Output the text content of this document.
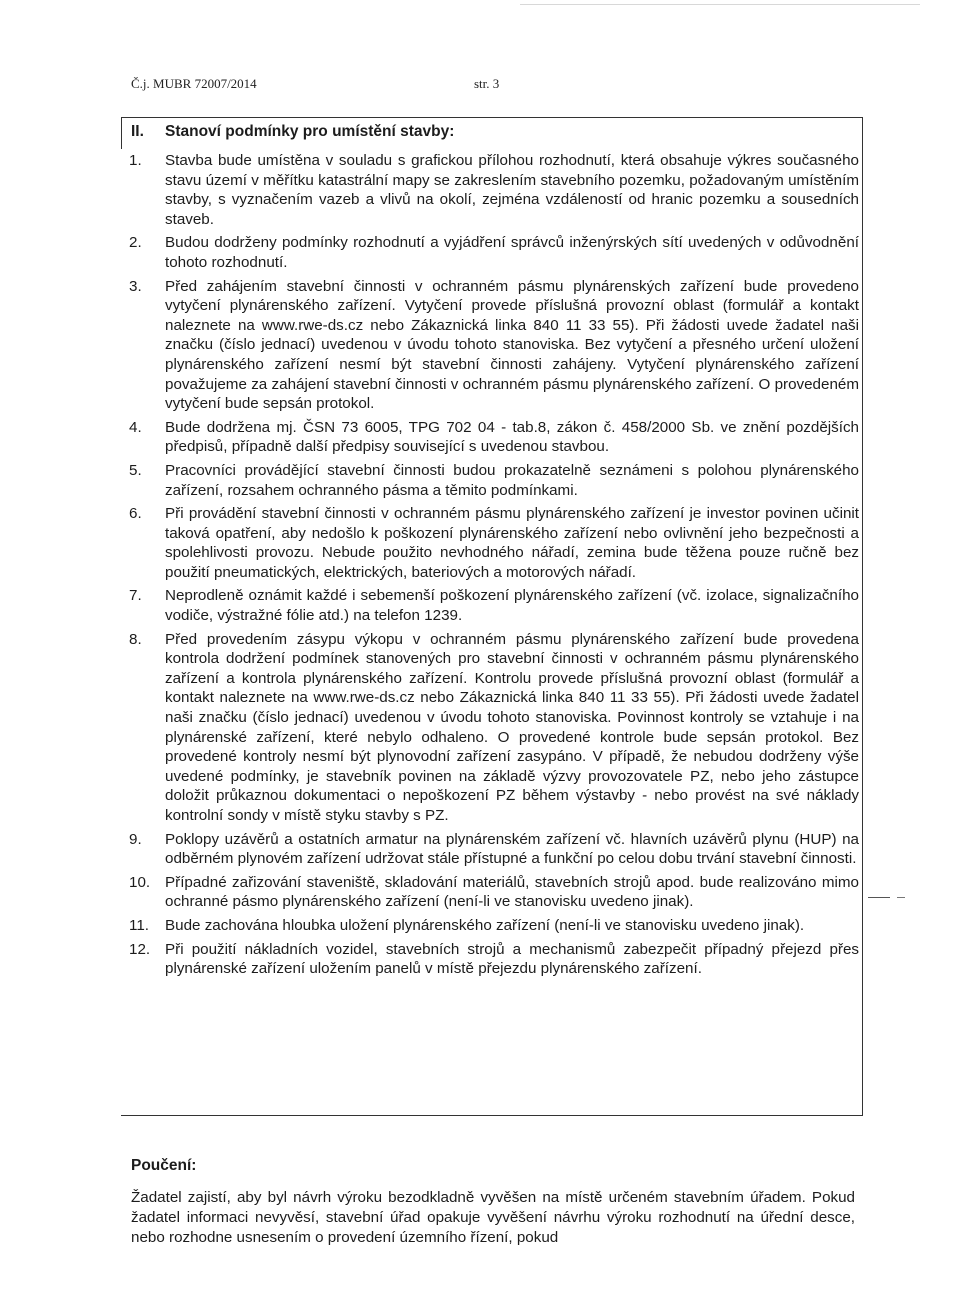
Č.j. MUBR 72007/2014	str. 3
II. Stanoví podmínky pro umístění stavby:
1. Stavba bude umístěna v souladu s grafickou přílohou rozhodnutí, která obsahuje výkres současného stavu území v měřítku katastrální mapy se zakreslením stavebního pozemku, požadovaným umístěním stavby, s vyznačením vazeb a vlivů na okolí, zejména vzdáleností od hranic pozemku a sousedních staveb.
2. Budou dodrženy podmínky rozhodnutí a vyjádření správců inženýrských sítí uvedených v odůvodnění tohoto rozhodnutí.
3. Před zahájením stavební činnosti v ochranném pásmu plynárenských zařízení bude provedeno vytyčení plynárenského zařízení. Vytyčení provede příslušná provozní oblast (formulář a kontakt naleznete na www.rwe-ds.cz nebo Zákaznická linka 840 11 33 55). Při žádosti uvede žadatel naši značku (číslo jednací) uvedenou v úvodu tohoto stanoviska. Bez vytyčení a přesného určení uložení plynárenského zařízení nesmí být stavební činnosti zahájeny. Vytyčení plynárenského zařízení považujeme za zahájení stavební činnosti v ochranném pásmu plynárenského zařízení. O provedeném vytyčení bude sepsán protokol.
4. Bude dodržena mj. ČSN 73 6005, TPG 702 04 - tab.8, zákon č. 458/2000 Sb. ve znění pozdějších předpisů, případně další předpisy související s uvedenou stavbou.
5. Pracovníci provádějící stavební činnosti budou prokazatelně seznámeni s polohou plynárenského zařízení, rozsahem ochranného pásma a těmito podmínkami.
6. Při provádění stavební činnosti v ochranném pásmu plynárenského zařízení je investor povinen učinit taková opatření, aby nedošlo k poškození plynárenského zařízení nebo ovlivnění jeho bezpečnosti a spolehlivosti provozu. Nebude použito nevhodného nářadí, zemina bude těžena pouze ručně bez použití pneumatických, elektrických, bateriových a motorových nářadí.
7. Neprodleně oznámit každé i sebemenší poškození plynárenského zařízení (vč. izolace, signalizačního vodiče, výstražné fólie atd.) na telefon 1239.
8. Před provedením zásypu výkopu v ochranném pásmu plynárenského zařízení bude provedena kontrola dodržení podmínek stanovených pro stavební činnosti v ochranném pásmu plynárenského zařízení a kontrola plynárenského zařízení. Kontrolu provede příslušná provozní oblast (formulář a kontakt naleznete na www.rwe-ds.cz nebo Zákaznická linka 840 11 33 55). Při žádosti uvede žadatel naši značku (číslo jednací) uvedenou v úvodu tohoto stanoviska. Povinnost kontroly se vztahuje i na plynárenské zařízení, které nebylo odhaleno. O provedené kontrole bude sepsán protokol. Bez provedené kontroly nesmí být plynovodní zařízení zasypáno. V případě, že nebudou dodrženy výše uvedené podmínky, je stavebník povinen na základě výzvy provozovatele PZ, nebo jeho zástupce doložit průkaznou dokumentaci o nepoškození PZ během výstavby - nebo provést na své náklady kontrolní sondy v místě styku stavby s PZ.
9. Poklopy uzávěrů a ostatních armatur na plynárenském zařízení vč. hlavních uzávěrů plynu (HUP) na odběrném plynovém zařízení udržovat stále přístupné a funkční po celou dobu trvání stavební činnosti.
10. Případné zařizování staveniště, skladování materiálů, stavebních strojů apod. bude realizováno mimo ochranné pásmo plynárenského zařízení (není-li ve stanovisku uvedeno jinak).
11. Bude zachována hloubka uložení plynárenského zařízení (není-li ve stanovisku uvedeno jinak).
12. Při použití nákladních vozidel, stavebních strojů a mechanismů zabezpečit případný přejezd přes plynárenské zařízení uložením panelů v místě přejezdu plynárenského zařízení.
Poučení:
Žadatel zajistí, aby byl návrh výroku bezodkladně vyvěšen na místě určeném stavebním úřadem. Pokud žadatel informaci nevyvěsí, stavební úřad opakuje vyvěšení návrhu výroku rozhodnutí na úřední desce, nebo rozhodne usnesením o provedení územního řízení, pokud
